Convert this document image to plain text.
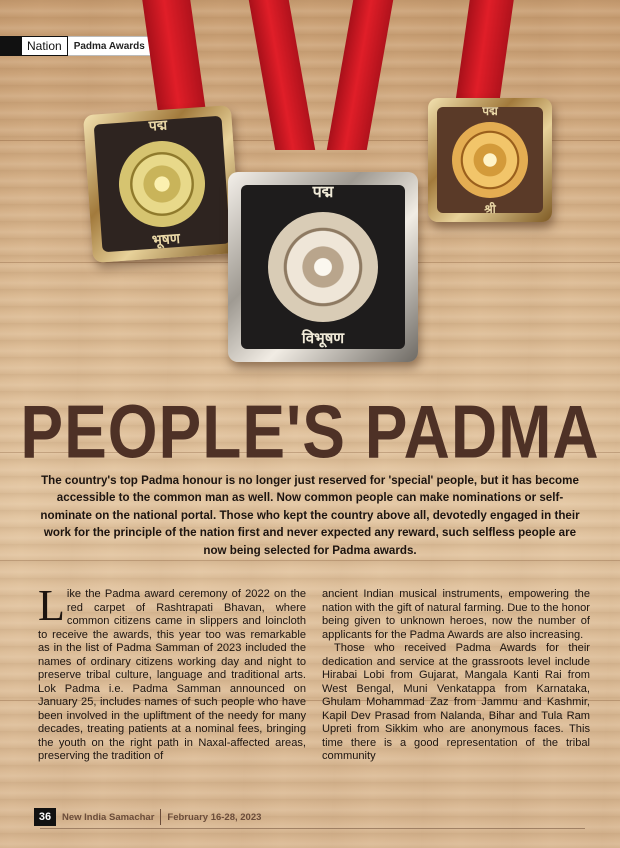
Nation	Padma Awards
पद्म
भूषण
पद्म
श्री
पद्म
विभूषण
PEOPLE'S PADMA
The country's top Padma honour is no longer just reserved for 'special' people, but it has become accessible to the common man as well. Now common people can make nominations or self-nominate on the national portal. Those who kept the country above all, devotedly engaged in their work for the principle of the nation first and never expected any reward, such selfless people are now being selected for Padma awards.
Like the Padma award ceremony of 2022 on the red carpet of Rashtrapati Bhavan, where common citizens came in slippers and loincloth to receive the awards, this year too was remarkable as in the list of Padma Samman of 2023 included the names of ordinary citizens working day and night to preserve tribal culture, language and traditional arts. Lok Padma i.e. Padma Samman announced on January 25, includes names of such people who have been involved in the upliftment of the needy for many decades, treating patients at a nominal fees, bringing the youth on the right path in Naxal-affected areas, preserving the tradition of

ancient Indian musical instruments, empowering the nation with the gift of natural farming. Due to the honor being given to unknown heroes, now the number of applicants for the Padma Awards are also increasing.

Those who received Padma Awards for their dedication and service at the grassroots level include Hirabai Lobi from Gujarat, Mangala Kanti Rai from West Bengal, Muni Venkatappa from Karnataka, Ghulam Mohammad Zaz from Jammu and Kashmir, Kapil Dev Prasad from Nalanda, Bihar and Tula Ram Upreti from Sikkim who are anonymous faces. This time there is a good representation of the tribal community

36	New India Samachar February 16-28, 2023
